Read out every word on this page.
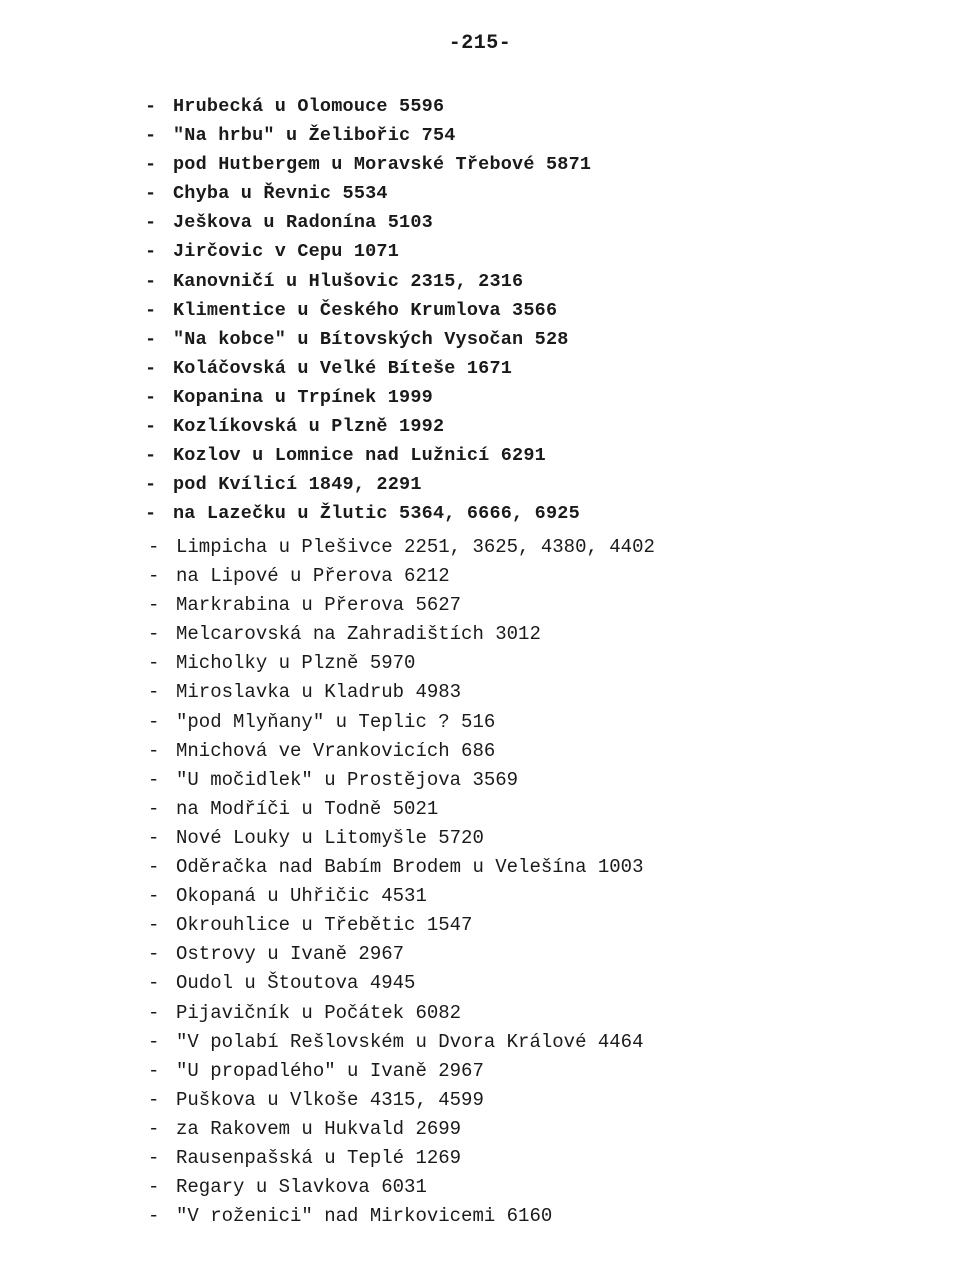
-215-
- Hrubecká u Olomouce 5596
- "Na hrbu" u Želibořic 754
- pod Hutbergem u Moravské Třebové 5871
- Chyba u Řevnic 5534
- Ješkova u Radonína 5103
- Jirčovic v Cepu 1071
- Kanovničí u Hlušovic 2315, 2316
- Klimentice u Českého Krumlova 3566
- "Na kobce" u Bítovských Vysočan 528
- Koláčovská u Velké Bíteše 1671
- Kopanina u Trpínek 1999
- Kozlíkovská u Plzně 1992
- Kozlov u Lomnice nad Lužnicí 6291
- pod Kvílicí 1849, 2291
- na Lazečku u Žlutic 5364, 6666, 6925
- Limpicha u Plešivce 2251, 3625, 4380, 4402
- na Lipové u Přerova 6212
- Markrabina u Přerova 5627
- Melcarovská na Zahradištích 3012
- Micholky u Plzně 5970
- Miroslavka u Kladrub 4983
- "pod Mlyňany" u Teplic ? 516
- Mnichová ve Vrankovicích 686
- "U močidlek" u Prostějova 3569
- na Modříči u Todně 5021
- Nové Louky u Litomyšle 5720
- Oděračka nad Babím Brodem u Velešína 1003
- Okopaná u Uhřičic 4531
- Okrouhlice u Třebětic 1547
- Ostrovy u Ivaně 2967
- Oudol u Štoutova 4945
- Pijavičník u Počátek 6082
- "V polabí Rešlovském u Dvora Králové 4464
- "U propadlého" u Ivaně 2967
- Puškova u Vlkoše 4315, 4599
- za Rakovem u Hukvald 2699
- Rausenpašská u Teplé 1269
- Regary u Slavkova 6031
- "V roženici" nad Mirkovicemi 6160
